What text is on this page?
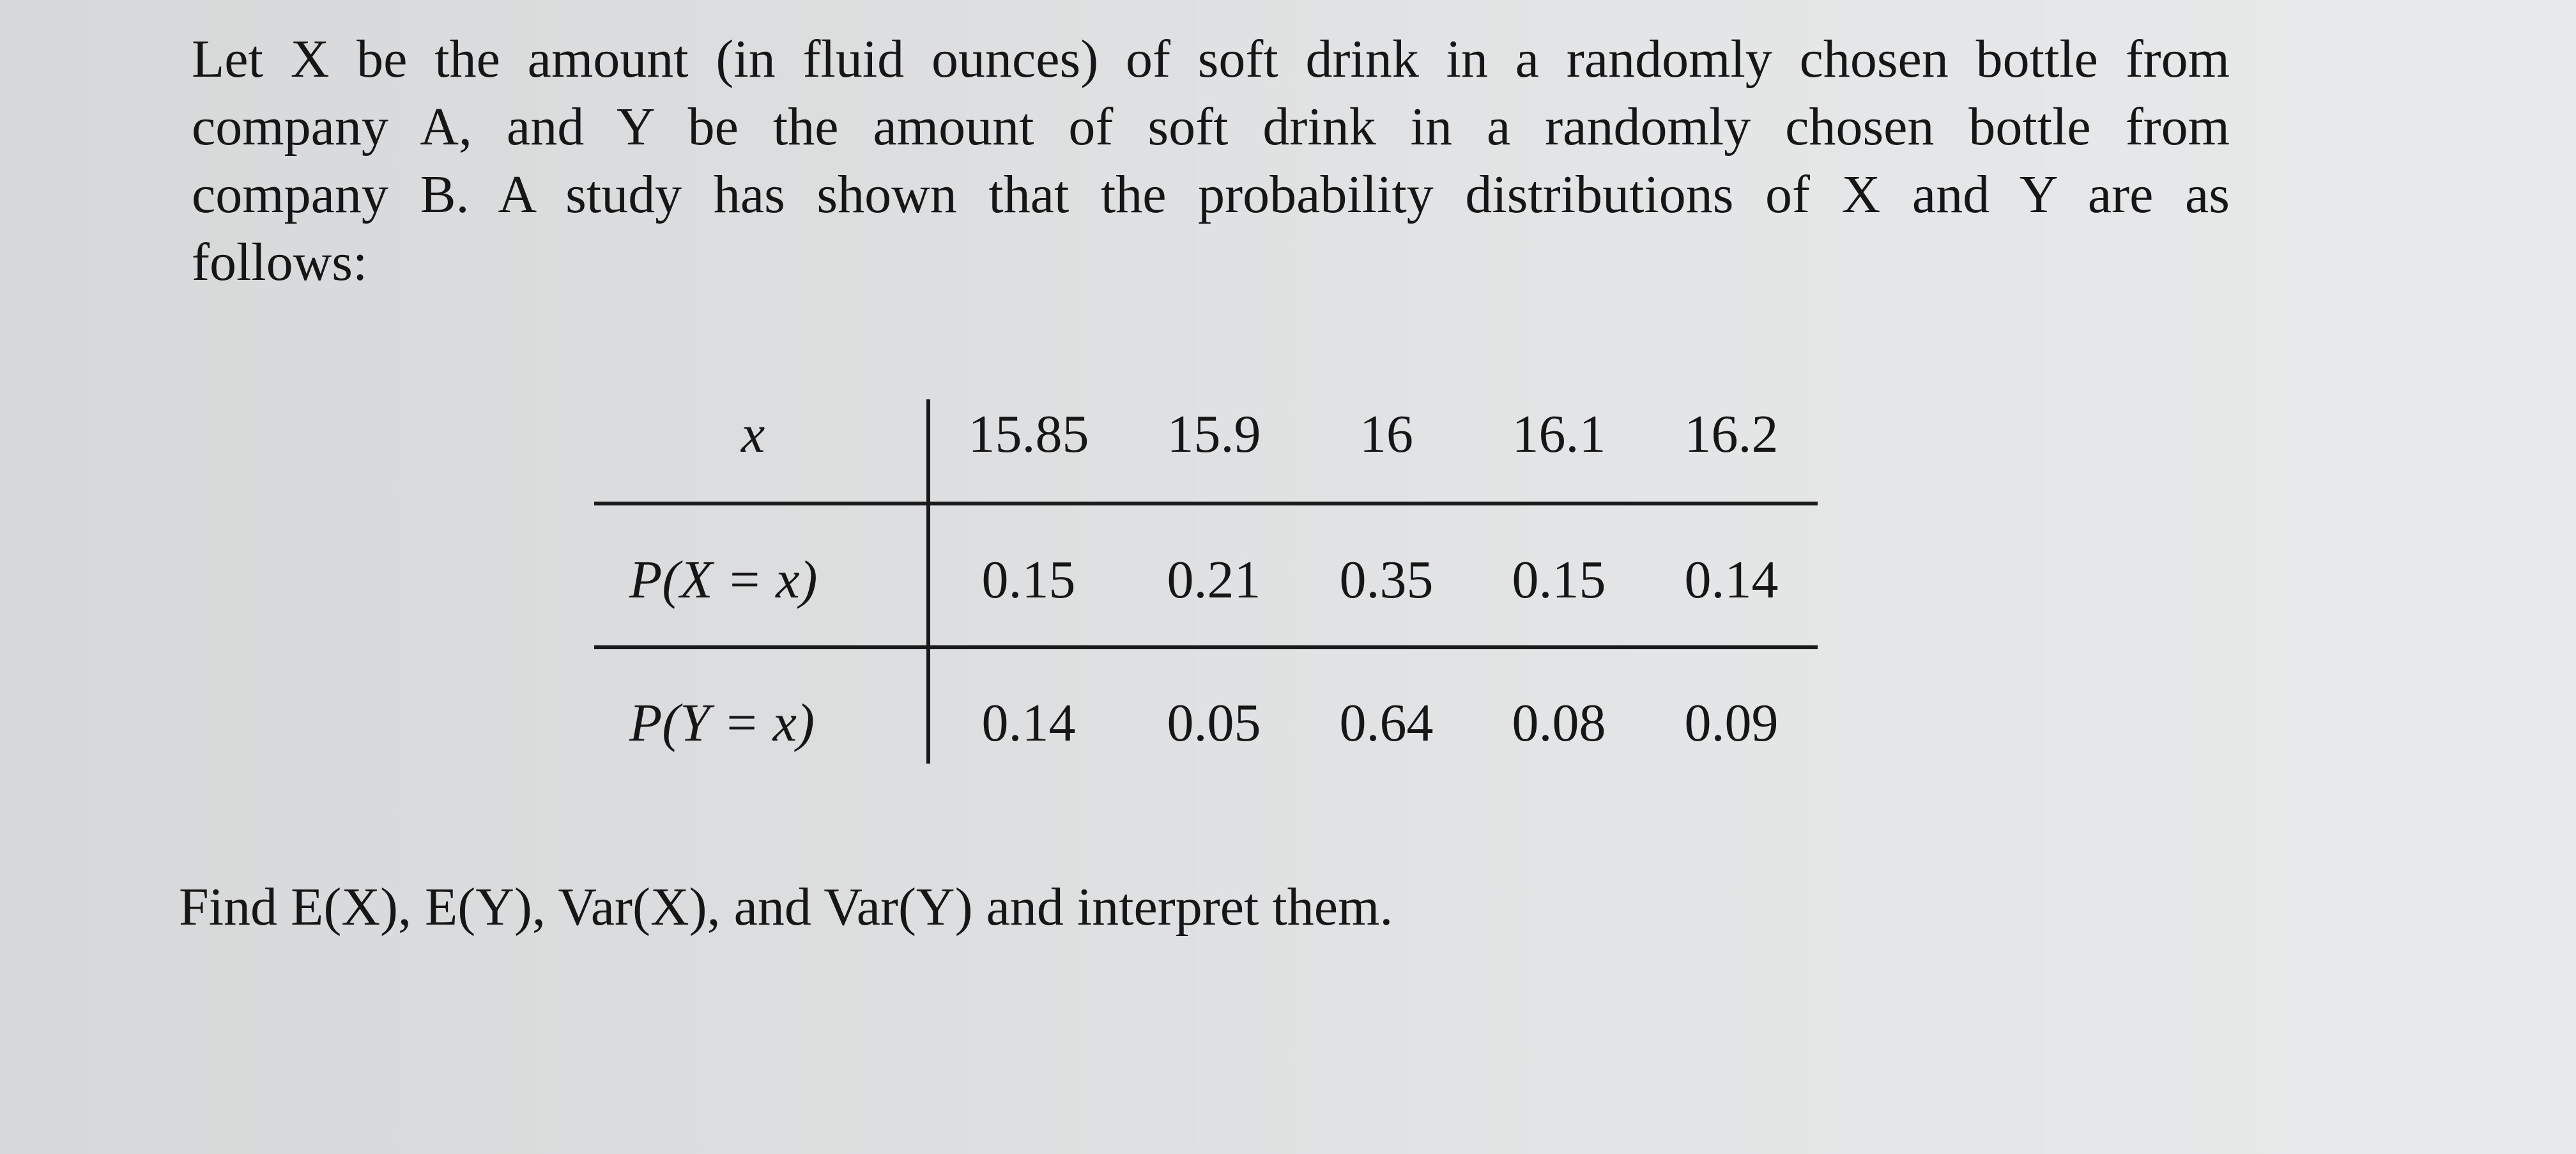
Let X be the amount (in fluid ounces) of soft drink in a randomly chosen bottle from
company A, and Y be the amount of soft drink in a randomly chosen bottle from
company B. A study has shown that the probability distributions of X and Y are as
follows:
x	15.85 15.9 16 16.1 16.2
P(X = x)	0.15 0.21 0.35 0.15 0.14
P(Y = x)	0.14 0.05 0.64 0.08 0.09
Find E(X), E(Y), Var(X), and Var(Y) and interpret them.
